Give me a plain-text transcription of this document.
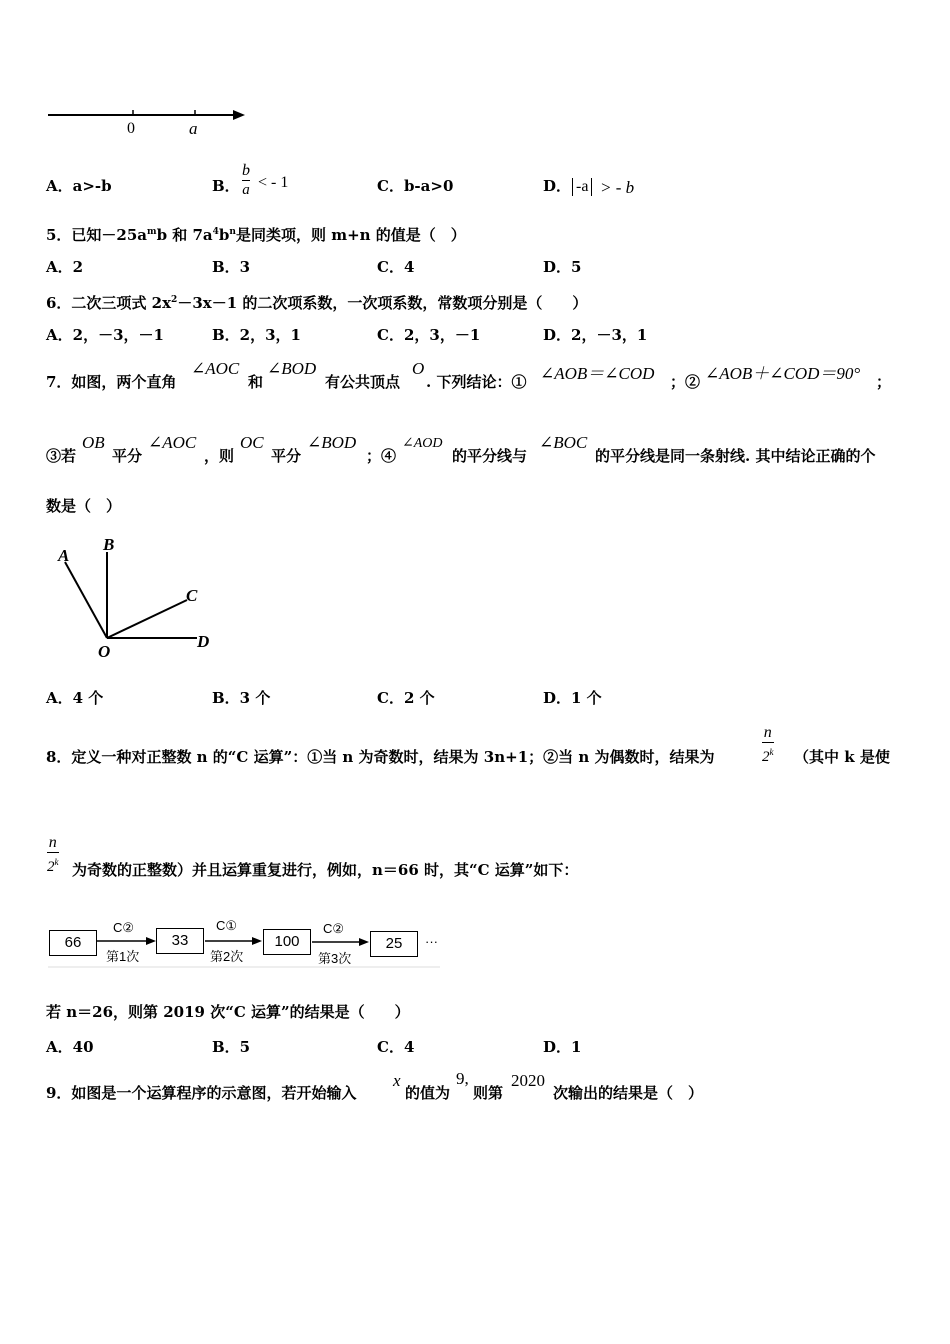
0	a
A．a>-b	B． $\frac{b}{a}$ < - 1	C．b-a>0	D． -a > - b
5．已知$-25a^mb$ 和 $7a^4b^n$是同类项，则 m+n 的值是（　）
A．2	B．3	C．4	D．5
6．二次三项式 $2x^2-3x-1$ 的二次项系数，一次项系数，常数项分别是（　　）
A．2，－3，－1	B．2，3，1	C．2，3，－1	D．2，－3，1
7．如图，两个直角
∠AOC
和
∠BOD
有公共顶点
O
. 下列结论：① ∠AOB＝∠COD ；② ∠AOB＋∠COD＝90° ；
③若
OB
平分
∠AOC
，则
OC
平分
∠BOD
；④
∠AOD
的平分线与
∠BOC
的平分线是同一条射线. 其中结论正确的个
数是（　）
A
B
C
D
O
A．4 个	B．3 个	C．2 个	D．1 个
8．定义一种对正整数 n 的“C 运算”：①当 n 为奇数时，结果为 3n+1；②当 n 为偶数时，结果为	$\frac{n}{2^k}$ （其中 k 是使
$\frac{n}{2^k}$ 为奇数的正整数）并且运算重复进行，例如，n＝66 时，其“C 运算”如下：
66	33	100	25
C②	C①	C②
第1次	第2次	第3次
···
若 n＝26，则第 2019 次“C 运算”的结果是（　　）
A．40	B．5	C．4	D．1
9．如图是一个运算程序的示意图，若开始输入
x
的值为
9,
则第
2020
次输出的结果是（　）
